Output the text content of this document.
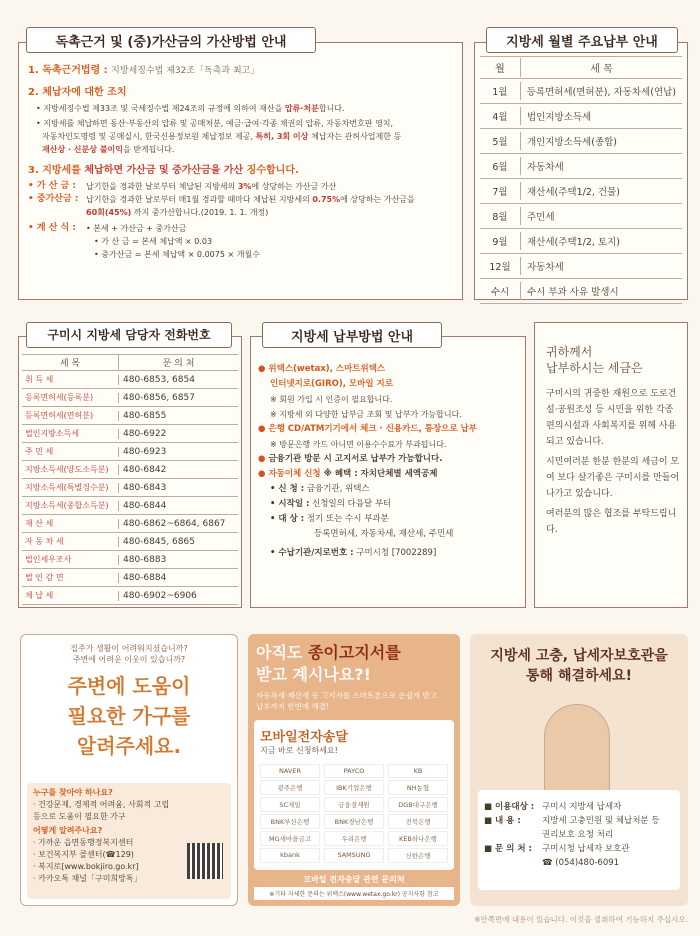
독촉근거 및 (중)가산금의 가산방법 안내
1. 독촉근거법령 : 지방세징수법 제32조「독촉과 최고」
2. 체납자에 대한 조치
• 지방세징수법 제33조 및 국세징수법 제24조의 규정에 의하여 재산을 압류·처분합니다.
• 지방세를 체납하면 동산·부동산의 압류 및 공매처분, 예금·급여·각종 채권의 압류, 자동차번호판 영치,
자동차인도명령 및 공매실시, 한국신용정보원 체납정보 제공, 특히, 3회 이상 체납자는 관허사업제한 등
재산상 · 신분상 불이익을 받게됩니다.
3. 지방세를 체납하면 가산금 및 중가산금을 가산 징수합니다.
• 가 산 금 :	납기한을 경과한 날로부터 체납된 지방세의 3%에 상당하는 가산금 가산
• 중가산금 : 납기한을 경과한 날로부터 매1월 경과할 때마다 체납된 지방세의 0.75%에 상당하는 가산금을
60회(45%) 까지 중가산합니다.(2019. 1. 1. 개정)
• 계 산 식 :	• 본세 + 가산금 + 중가산금
• 가 산 금 = 본세 체납액 × 0.03
• 중가산금 = 본세 체납액 × 0.0075 × 개월수
지방세 월별 주요납부 안내
월	세 목
1월	등록면허세(면허분), 자동차세(연납)
4월	법인지방소득세
5월	개인지방소득세(종합)
6월	자동차세
7월	재산세(주택1/2, 건물)
8월	주민세
9월	재산세(주택1/2, 토지)
12월	자동차세
수시	수시 부과 사유 발생시
구미시 지방세 담당자 전화번호
세 목	문 의 처
취 득 세	480-6853, 6854
등록면허세(등록분)	480-6856, 6857
등록면허세(면허분)	480-6855
법인지방소득세	480-6922
주 민 세	480-6923
지방소득세(양도소득분)	480-6842
지방소득세(특별징수분)	480-6843
지방소득세(종합소득분)	480-6844
재 산 세	480-6862~6864, 6867
자 동 차 세	480-6845, 6865
법인세우조사	480-6883
법 인 감 면	480-6884
체 납 세	480-6902~6906
지방세 납부방법 안내
● 위택스(wetax), 스마트위택스
인터넷지로(GIRO), 모바일 지로
※ 회원 가입 시 인증이 필요합니다.
※ 지방세 외 다양한 납부금 조회 및 납부가 가능합니다.
● 은행 CD/ATM기기에서 체크 · 신용카드, 통장으로 납부
※ 방문은행 카드 아니면 이용수수료가 부과됩니다.
● 금융기관 방문 시 고지서로 납부가 가능합니다.
● 자동이체 신청 ※ 혜택 : 자치단체별 세액공제
• 신 청 : 금융기관, 위택스
• 시작일 : 신청일의 다음달 부터
• 대 상 : 정기 또는 수시 부과분
등록면허세, 자동차세, 재산세, 주민세
• 수납기관/지로번호 : 구미시청 [7002289]
귀하께서
납부하시는 세금은
구미시의 귀중한 재원으로 도로건설·공원조성 등 시민을 위한 각종 편의시설과 사회복지를 위해 사용되고 있습니다.
시민여러분 한분 한분의 세금이 모여 보다 살기좋은 구미시를 만들어 나가고 있습니다.
여러분의 많은 협조를 부탁드립니다.
집주가 생활이 어려워지셨습니까?
주변에 어려운 이웃이 있습니까?
주변에 도움이
필요한 가구를
알려주세요.
누구를 찾아야 하나요?
· 건강문제, 경제적 어려움, 사회적 고립
등으로 도움이 필요한 가구
어떻게 알려주나요?
· 가까운 읍면동행정복지센터
· 보건복지부 콜센터(☎129)
· 복지로[www.bokjiro.go.kr]
· 카카오톡 채널「구미희망톡」
아직도 종이고지서를
받고 계시나요?!
자동차세·재산세 등 고지서를 스마트폰으로 손쉽게 받고
납부까지 한번에 해결!
모바일전자송달
지금 바로 신청하세요!
NAVER	PAYCO	KB
광주은행	IBK기업은행	NH농협
SC제일	금융결제원	DGB대구은행
BNK부산은행	BNK경남은행	전북은행
MG새마을금고	우리은행	KEB하나은행
kbank	SAMSUNG	신한은행
모바일 전자송달 관련 문의처
※기타 자세한 문의는 위택스(www.wetax.go.kr) 공지사항 참고
지방세 고충, 납세자보호관을
통해 해결하세요!
■ 이용대상 : 구미시 지방세 납세자
■ 내 용 :	지방세 고충민원 및 체납처분 등
권리보호 요청 처리
■ 문 의 처 :	구미시청 납세자 보호관
☎ (054)480-6091
※안쪽면에 내용이 있습니다. 이것을 절취하여 기능하지 주십시오.
